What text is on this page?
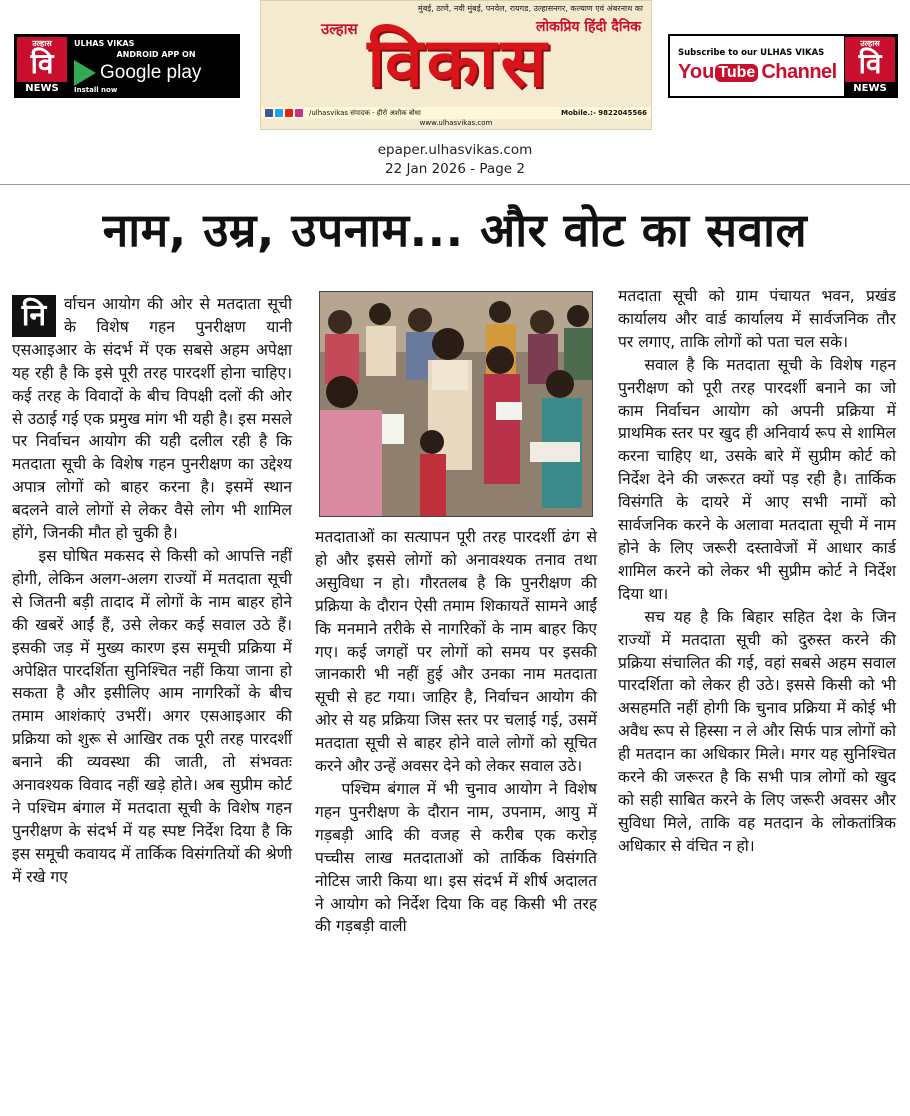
उल्हास
वि
NEWS
ULHAS VIKAS
ANDROID APP ON
Google play
Install now
मुंबई, ठाणे, नवी मुंबई, पनवेल, रायगड, उल्हासनगर, कल्याण एवं अंबरनाथ का
लोकप्रिय हिंदी दैनिक
विकास
उल्हास
/ulhasvikas संपादक - हीरो अशोक बोधा	Mobile.:- 9822045566
www.ulhasvikas.com
Subscribe to our ULHAS VIKAS
You Tube Channel
उल्हास
वि
NEWS
epaper.ulhasvikas.com
22 Jan 2026 - Page 2
नाम, उम्र, उपनाम... और वोट का सवाल
नि	र्वाचन आयोग की ओर से मतदाता सूची के विशेष गहन पुनरीक्षण यानी एसआइआर के संदर्भ में एक सबसे अहम अपेक्षा यह रही है कि इसे पूरी तरह पारदर्शी होना चाहिए। कई तरह के विवादों के बीच विपक्षी दलों की ओर से उठाई गई एक प्रमुख मांग भी यही है। इस मसले पर निर्वाचन आयोग की यही दलील रही है कि मतदाता सूची के विशेष गहन पुनरीक्षण का उद्देश्य अपात्र लोगों को बाहर करना है। इसमें स्थान बदलने वाले लोगों से लेकर वैसे लोग भी शामिल होंगे, जिनकी मौत हो चुकी है।

इस घोषित मकसद से किसी को आपत्ति नहीं होगी, लेकिन अलग-अलग राज्यों में मतदाता सूची से जितनी बड़ी तादाद में लोगों के नाम बाहर होने की खबरें आईं हैं, उसे लेकर कई सवाल उठे हैं। इसकी जड़ में मुख्य कारण इस समूची प्रक्रिया में अपेक्षित पारदर्शिता सुनिश्चित नहीं किया जाना हो सकता है और इसीलिए आम नागरिकों के बीच तमाम आशंकाएं उभरीं। अगर एसआइआर की प्रक्रिया को शुरू से आखिर तक पूरी तरह पारदर्शी बनाने की व्यवस्था की जाती, तो संभवतः अनावश्यक विवाद नहीं खड़े होते। अब सुप्रीम कोर्ट ने पश्चिम बंगाल में मतदाता सूची के विशेष गहन पुनरीक्षण के संदर्भ में यह स्पष्ट निर्देश दिया है कि इस समूची कवायद में तार्किक विसंगतियों की श्रेणी में रखे गए

मतदाताओं का सत्यापन पूरी तरह पारदर्शी ढंग से हो और इससे लोगों को अनावश्यक तनाव तथा असुविधा न हो। गौरतलब है कि पुनरीक्षण की प्रक्रिया के दौरान ऐसी तमाम शिकायतें सामने आईं कि मनमाने तरीके से नागरिकों के नाम बाहर किए गए। कई जगहों पर लोगों को समय पर इसकी जानकारी भी नहीं हुई और उनका नाम मतदाता सूची से हट गया। जाहिर है, निर्वाचन आयोग की ओर से यह प्रक्रिया जिस स्तर पर चलाई गई, उसमें मतदाता सूची से बाहर होने वाले लोगों को सूचित करने और उन्हें अवसर देने को लेकर सवाल उठे।

पश्चिम बंगाल में भी चुनाव आयोग ने विशेष गहन पुनरीक्षण के दौरान नाम, उपनाम, आयु में गड़बड़ी आदि की वजह से करीब एक करोड़ पच्चीस लाख मतदाताओं को तार्किक विसंगति नोटिस जारी किया था। इस संदर्भ में शीर्ष अदालत ने आयोग को निर्देश दिया कि वह किसी भी तरह की गड़बड़ी वाली

मतदाता सूची को ग्राम पंचायत भवन, प्रखंड कार्यालय और वार्ड कार्यालय में सार्वजनिक तौर पर लगाए, ताकि लोगों को पता चल सके।

सवाल है कि मतदाता सूची के विशेष गहन पुनरीक्षण को पूरी तरह पारदर्शी बनाने का जो काम निर्वाचन आयोग को अपनी प्रक्रिया में प्राथमिक स्तर पर खुद ही अनिवार्य रूप से शामिल करना चाहिए था, उसके बारे में सुप्रीम कोर्ट को निर्देश देने की जरूरत क्यों पड़ रही है। तार्किक विसंगति के दायरे में आए सभी नामों को सार्वजनिक करने के अलावा मतदाता सूची में नाम होने के लिए जरूरी दस्तावेजों में आधार कार्ड शामिल करने को लेकर भी सुप्रीम कोर्ट ने निर्देश दिया था।

सच यह है कि बिहार सहित देश के जिन राज्यों में मतदाता सूची को दुरुस्त करने की प्रक्रिया संचालित की गई, वहां सबसे अहम सवाल पारदर्शिता को लेकर ही उठे। इससे किसी को भी असहमति नहीं होगी कि चुनाव प्रक्रिया में कोई भी अवैध रूप से हिस्सा न ले और सिर्फ पात्र लोगों को ही मतदान का अधिकार मिले। मगर यह सुनिश्चित करने की जरूरत है कि सभी पात्र लोगों को खुद को सही साबित करने के लिए जरूरी अवसर और सुविधा मिले, ताकि वह मतदान के लोकतांत्रिक अधिकार से वंचित न हो।
